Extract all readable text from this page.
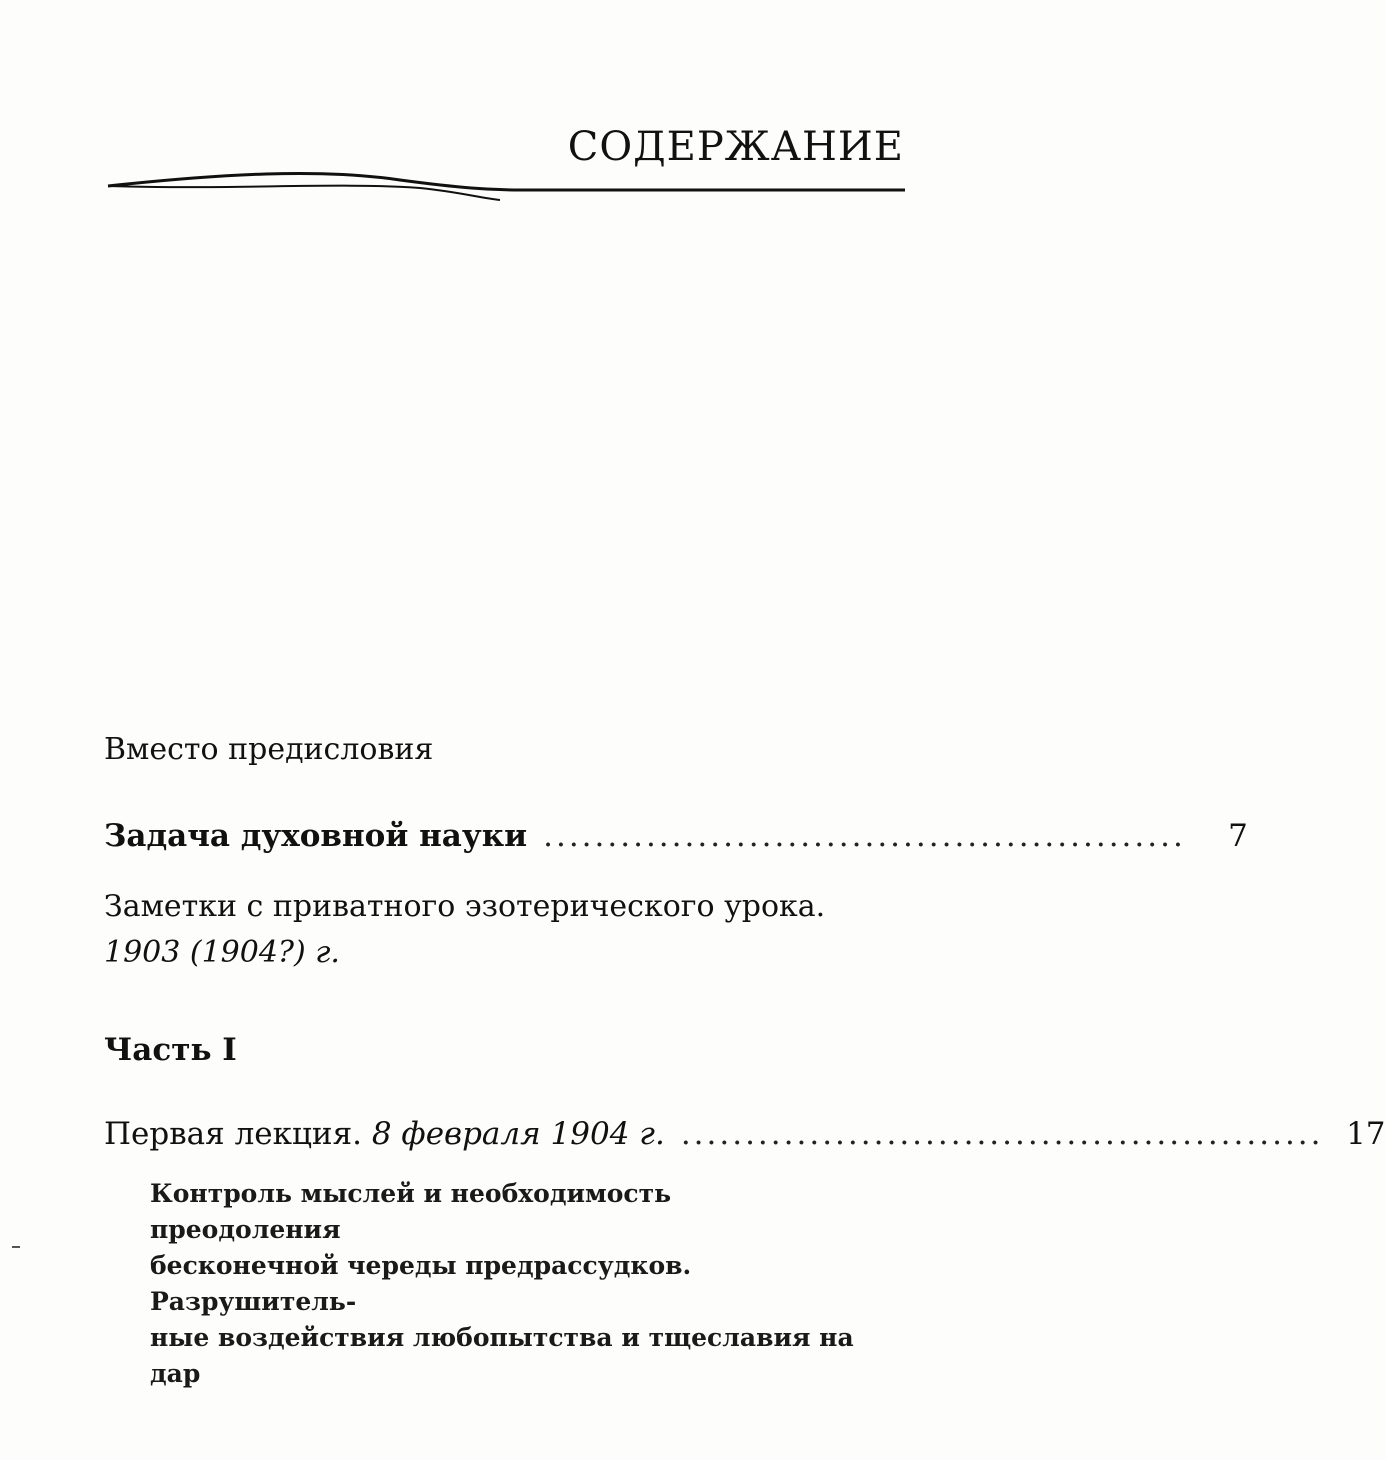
СОДЕРЖАНИЕ
Вместо предисловия
Задача духовной науки ..................................................	7
Заметки с приватного эзотерического урока.
1903 (1904?) г.
Часть I
Первая лекция. 8 февраля 1904 г. .................................................. 17
Контроль мыслей и необходимость преодоления
бесконечной череды предрассудков. Разрушитель-
ные воздействия любопытства и тщеславия на дар
